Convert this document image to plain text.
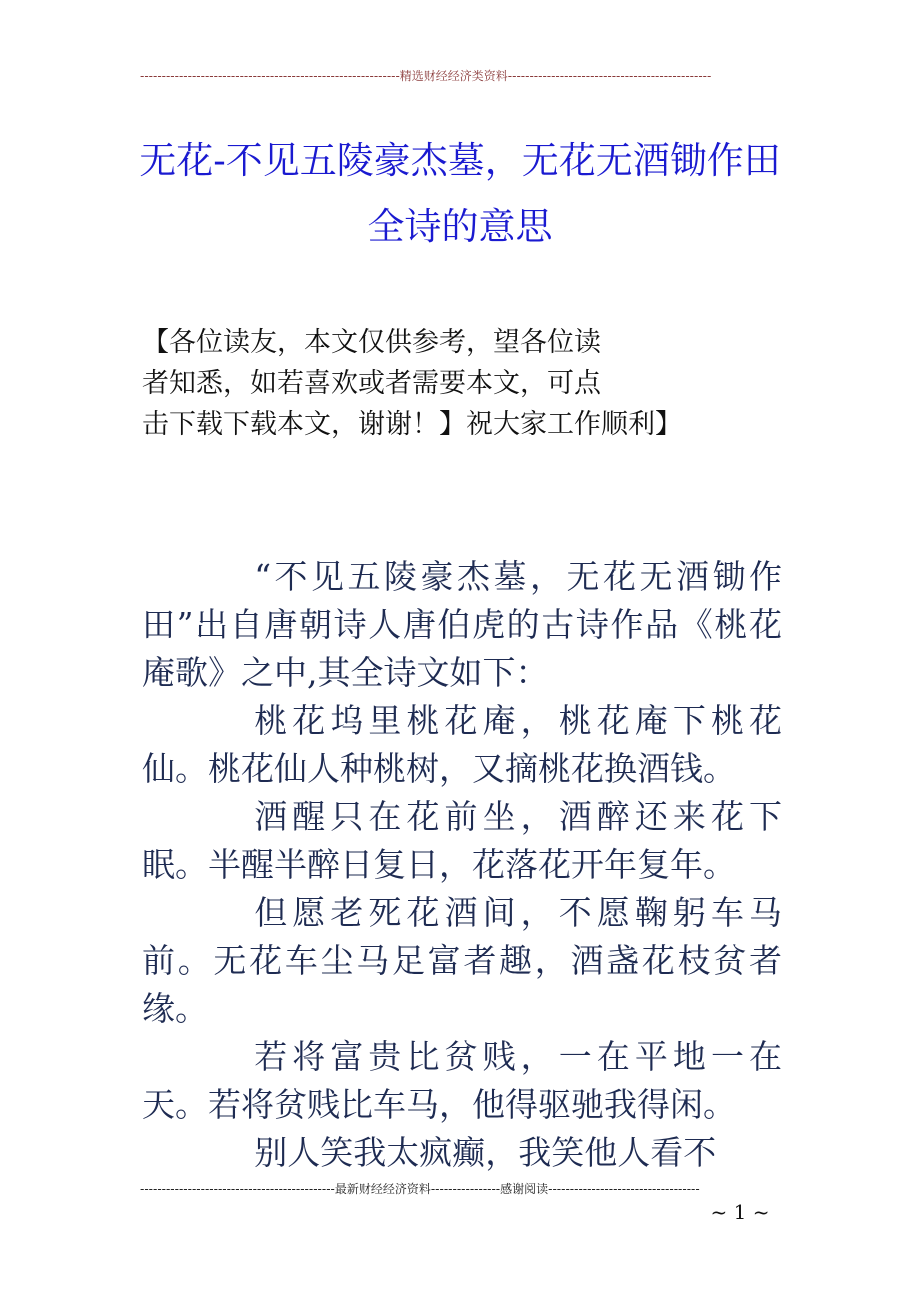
------------------------------------------------------------精选财经经济类资料-----------------------------------------------
无花-不见五陵豪杰墓，无花无酒锄作田全诗的意思
【各位读友，本文仅供参考，望各位读
者知悉，如若喜欢或者需要本文，可点
击下载下载本文，谢谢！】祝大家工作顺利】

“不见五陵豪杰墓，无花无酒锄作田”出自唐朝诗人唐伯虎的古诗作品《桃花庵歌》之中,其全诗文如下：

桃花坞里桃花庵，桃花庵下桃花仙。桃花仙人种桃树，又摘桃花换酒钱。

酒醒只在花前坐，酒醉还来花下眠。半醒半醉日复日，花落花开年复年。

但愿老死花酒间，不愿鞠躬车马前。无花车尘马足富者趣，酒盏花枝贫者缘。

若将富贵比贫贱，一在平地一在天。若将贫贱比车马，他得驱驰我得闲。

别人笑我太疯癫，我笑他人看不

---------------------------------------------最新财经经济资料----------------感谢阅读-----------------------------------
~ 1 ~
